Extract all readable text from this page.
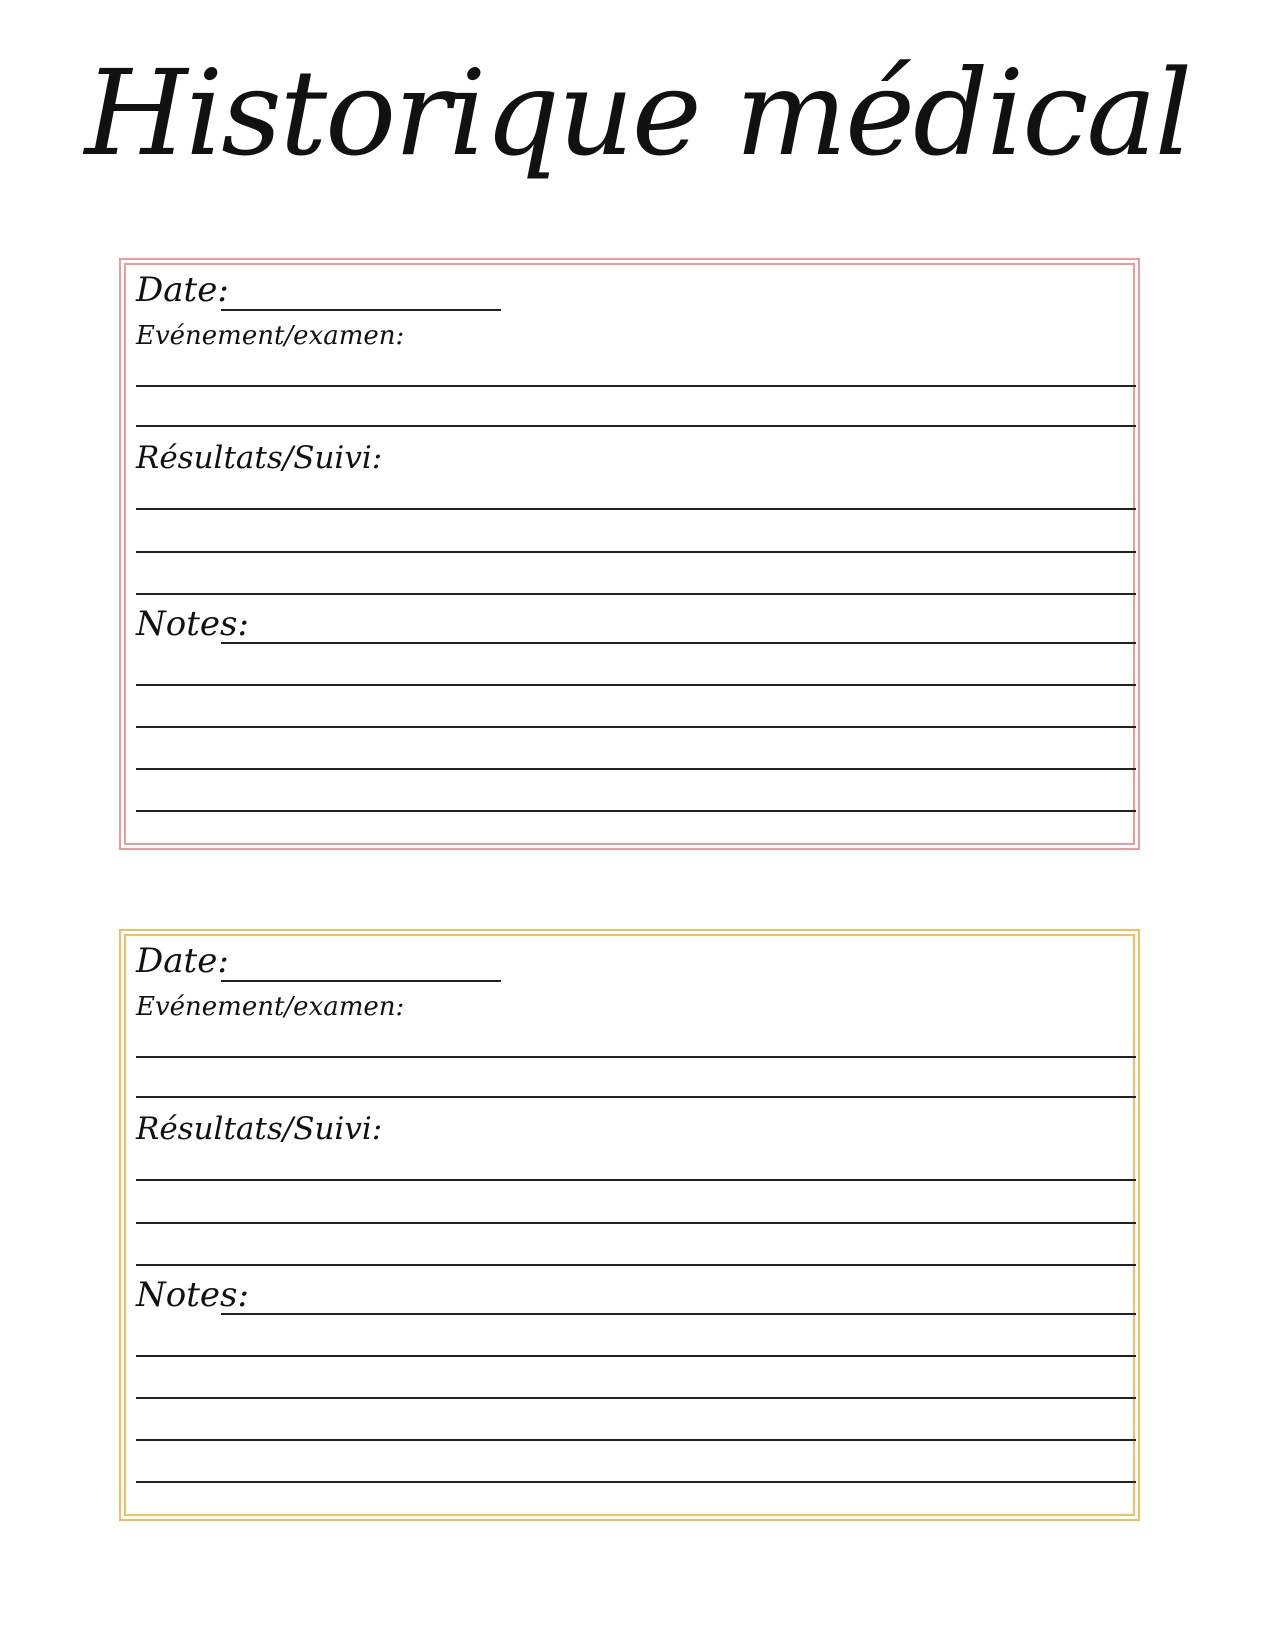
Historique médical
Date:
Evénement/examen:
Résultats/Suivi:
Notes:
Date:
Evénement/examen:
Résultats/Suivi:
Notes:
